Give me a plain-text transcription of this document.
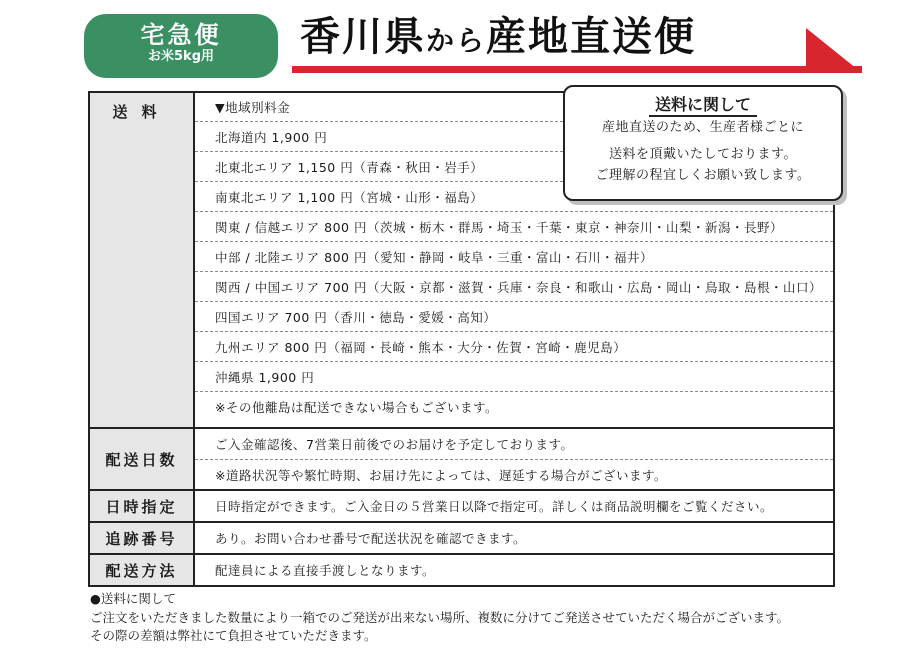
宅急便
お米5kg用	香川県から産地直送便
送料	▼地域別料金
北海道内 1,900 円
北東北エリア 1,150 円（青森・秋田・岩手）
南東北エリア 1,100 円（宮城・山形・福島）
関東 / 信越エリア 800 円（茨城・栃木・群馬・埼玉・千葉・東京・神奈川・山梨・新潟・長野）
中部 / 北陸エリア 800 円（愛知・静岡・岐阜・三重・富山・石川・福井）
関西 / 中国エリア 700 円（大阪・京都・滋賀・兵庫・奈良・和歌山・広島・岡山・鳥取・島根・山口）
四国エリア 700 円（香川・徳島・愛媛・高知）
九州エリア 800 円（福岡・長崎・熊本・大分・佐賀・宮崎・鹿児島）
沖縄県 1,900 円
※その他離島は配送できない場合もございます。
配送日数
ご入金確認後、7営業日前後でのお届けを予定しております。
※道路状況等や繁忙時期、お届け先によっては、遅延する場合がございます。
日時指定	日時指定ができます。ご入金日の５営業日以降で指定可。詳しくは商品説明欄をご覧ください。
追跡番号	あり。お問い合わせ番号で配送状況を確認できます。
配送方法	配達員による直接手渡しとなります。
送料に関して
産地直送のため、生産者様ごとに
送料を頂戴いたしております。
ご理解の程宜しくお願い致します。
●送料に関して
ご注文をいただきました数量により一箱でのご発送が出来ない場所、複数に分けてご発送させていただく場合がございます。
その際の差額は弊社にて負担させていただきます。
